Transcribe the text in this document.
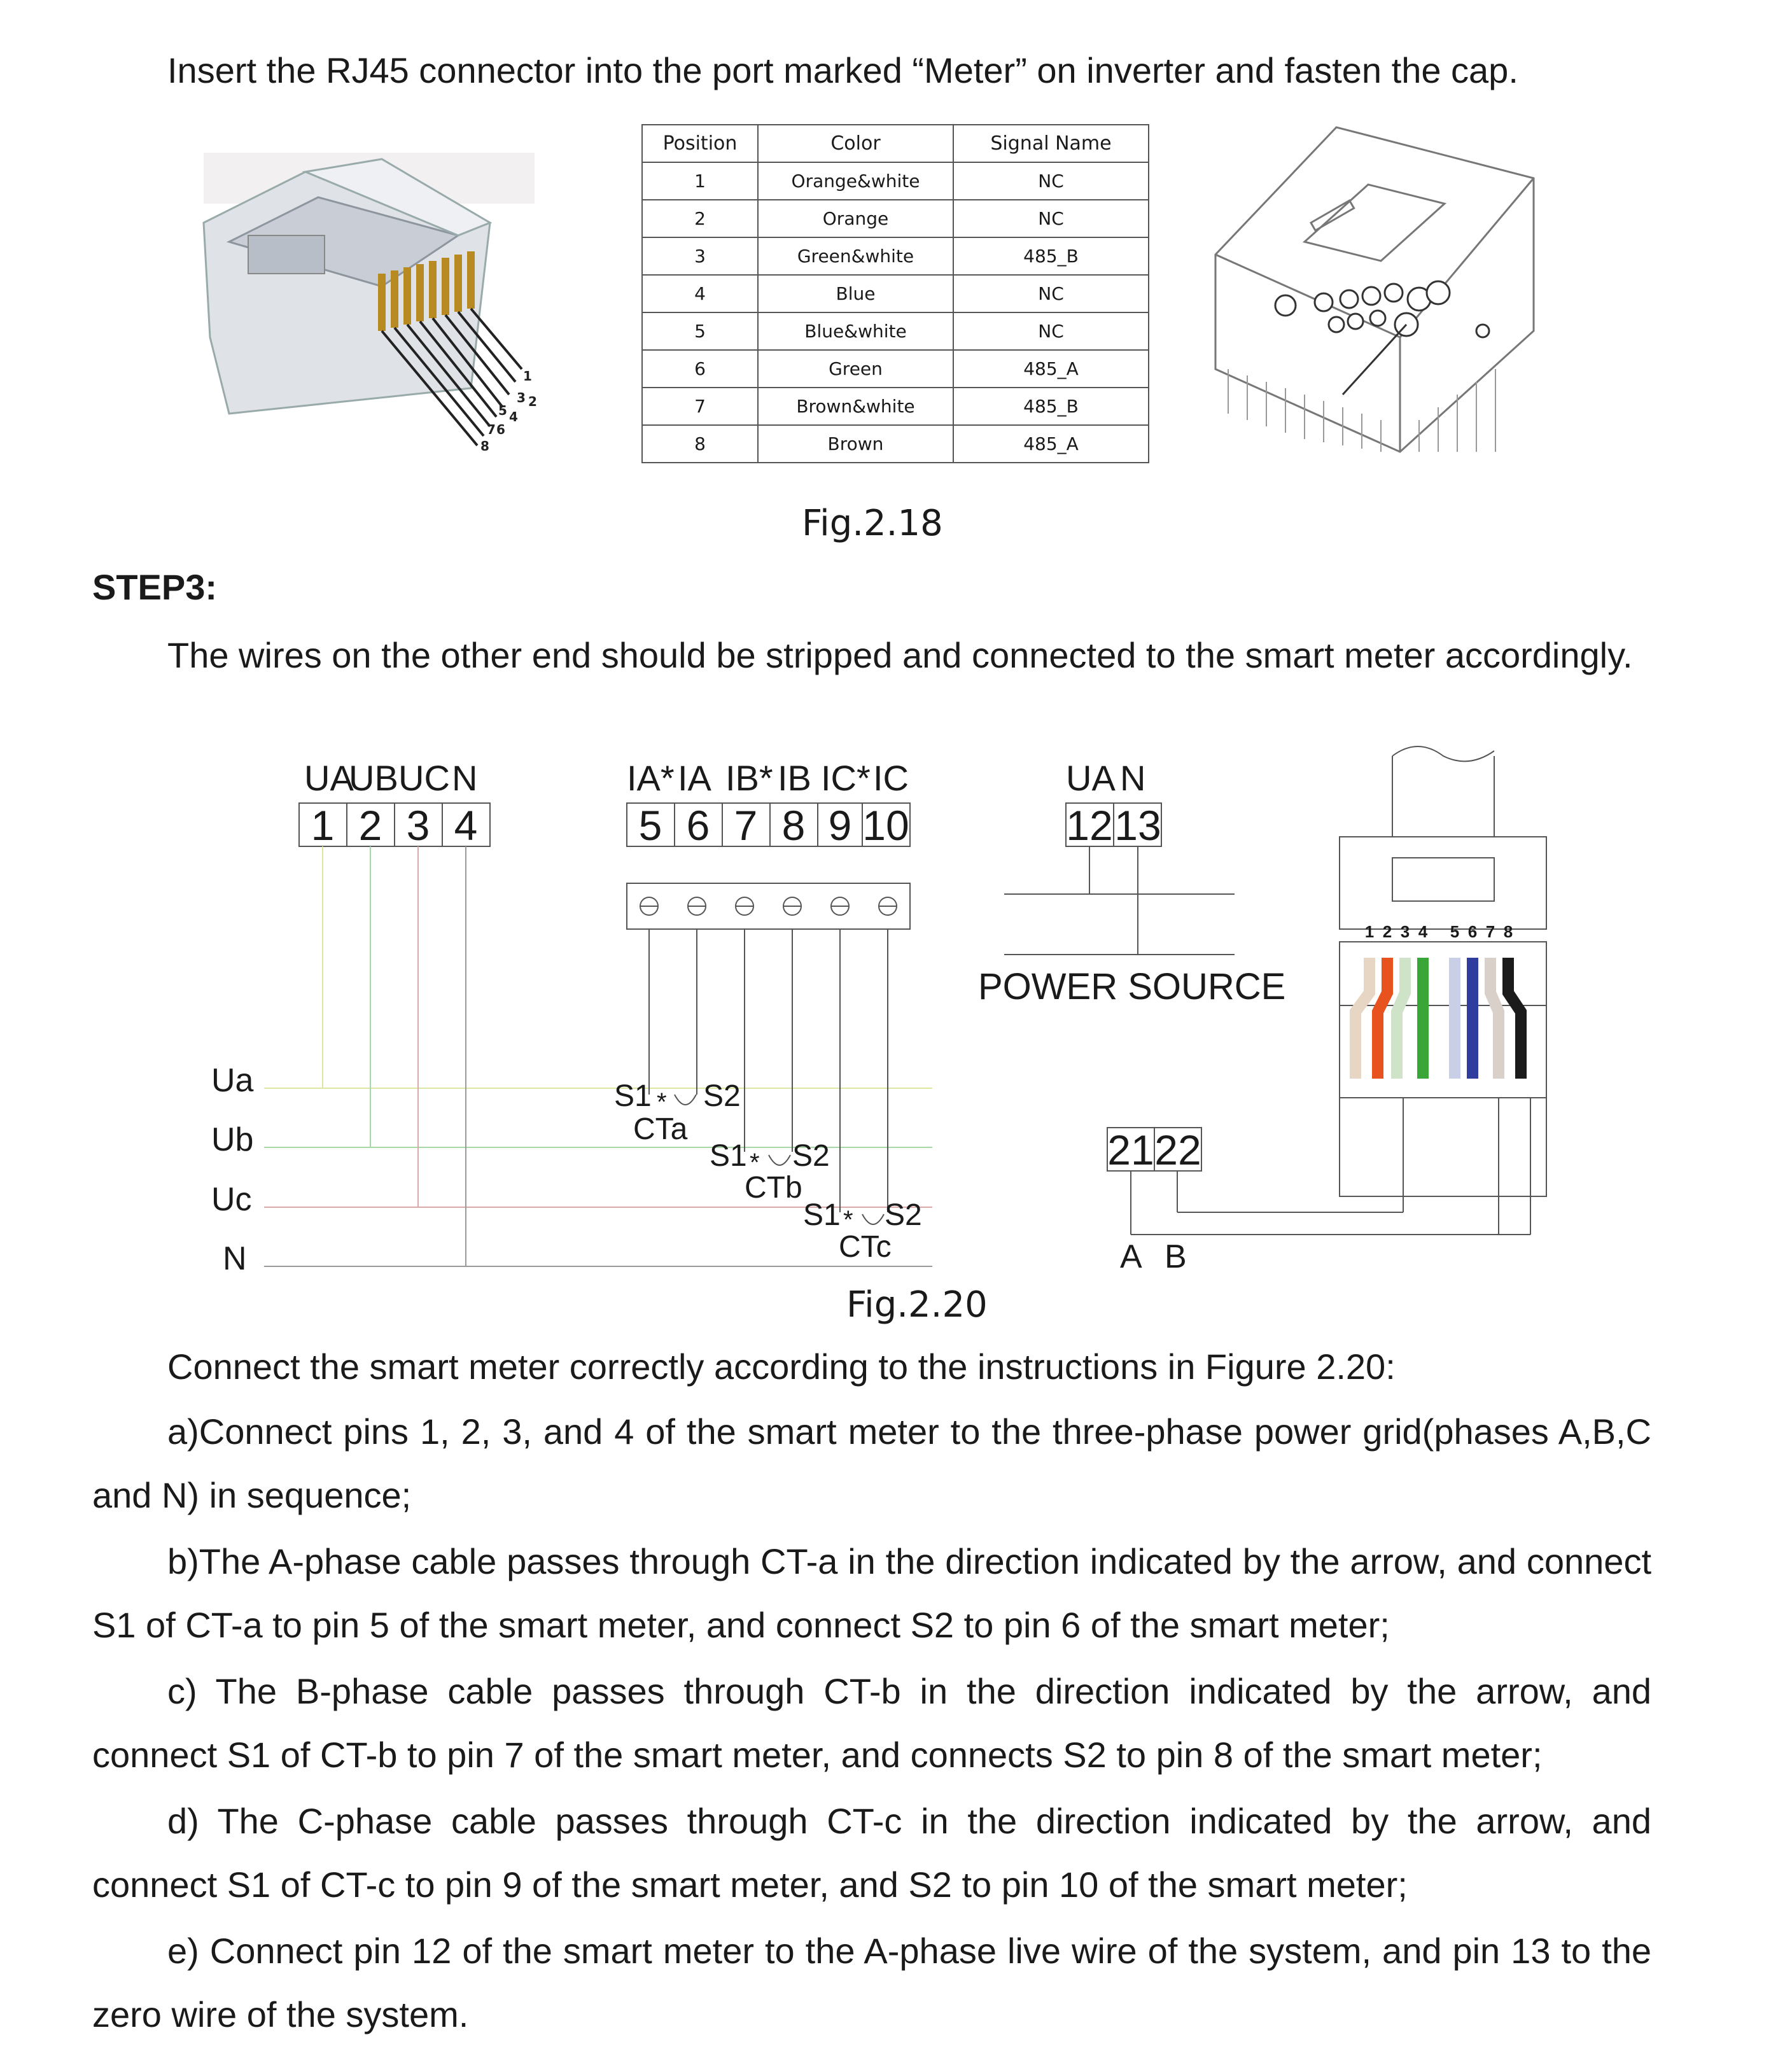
Insert the RJ45 connector into the port marked “Meter” on inverter and fasten the cap.
1
2
3
4
5
6
7
8
Position	Color	Signal Name
1	Orange&white	NC
2	Orange	NC
3	Green&white	485_B
4	Blue	NC
5	Blue&white	NC
6	Green	485_A
7	Brown&white	485_B
8	Brown	485_A
Fig.2.18
STEP3:
The wires on the other end should be stripped and connected to the smart meter accordingly.
UA
UB UC N
1 2 3 4
IA* IA IB* IB IC* IC
5 6 7 8 9 10
UA N
12 13
POWER SOURCE
Ua
Ub
Uc
N
S1 * S2
CTa
S1 * S2
CTb
S1 * S2
CTc
21 22
A B
1 2 3 4 5 6 7 8
Fig.2.20
Connect the smart meter correctly according to the instructions in Figure 2.20:
a)Connect pins 1, 2, 3, and 4 of the smart meter to the three-phase power grid(phases A,B,C and N) in sequence;
b)The A-phase cable passes through CT-a in the direction indicated by the arrow, and connect S1 of CT-a to pin 5 of the smart meter, and connect S2 to pin 6 of the smart meter;
c) The B-phase cable passes through CT-b in the direction indicated by the arrow, and connect S1 of CT-b to pin 7 of the smart meter, and connects S2 to pin 8 of the smart meter;
d) The C-phase cable passes through CT-c in the direction indicated by the arrow, and connect S1 of CT-c to pin 9 of the smart meter, and S2 to pin 10 of the smart meter;
e) Connect pin 12 of the smart meter to the A-phase live wire of the system, and pin 13 to the zero wire of the system.
